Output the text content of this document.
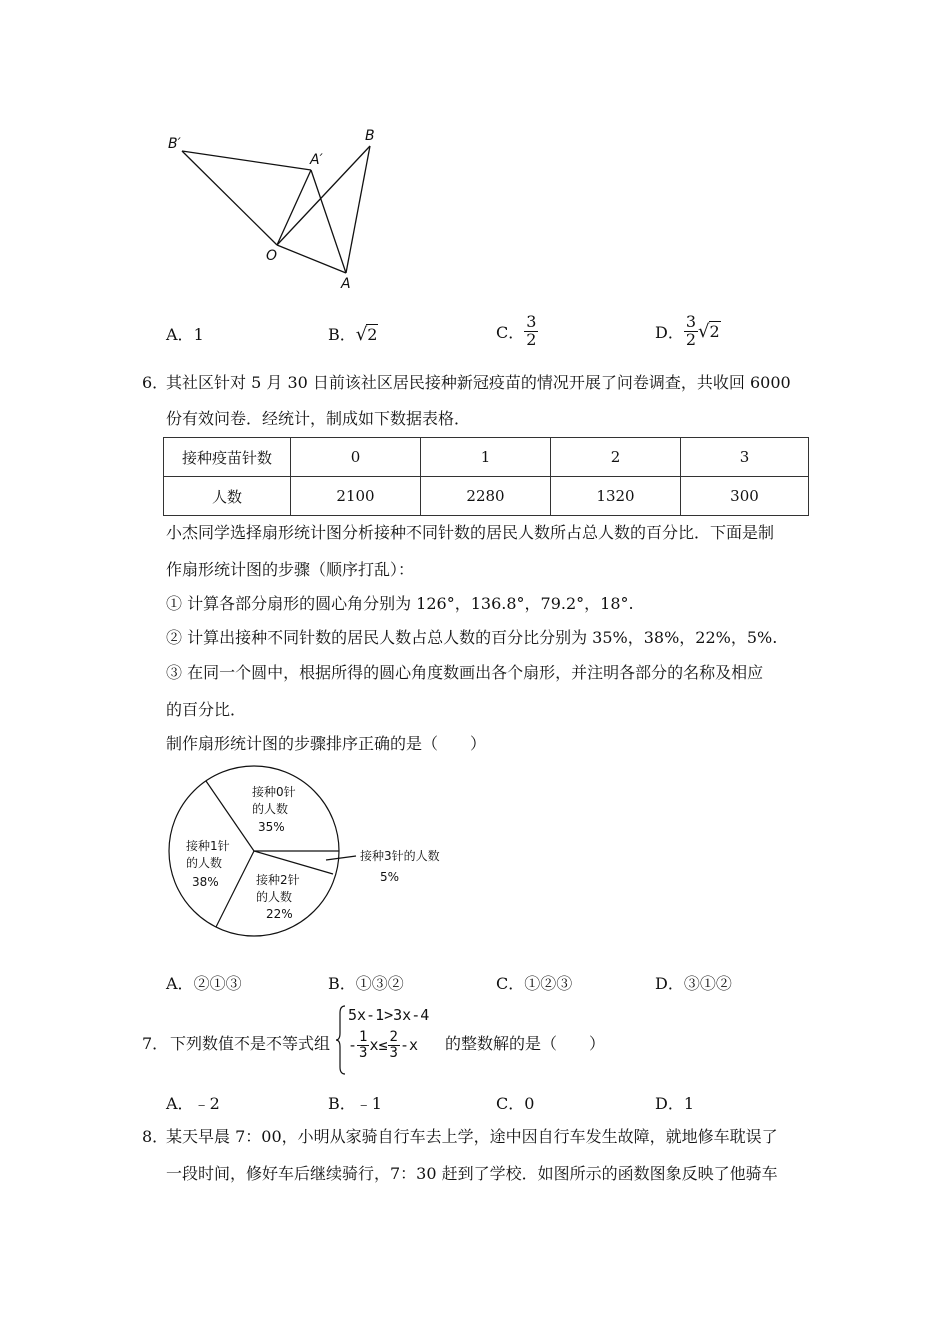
B′
A′
B
O
A
A．1	B．√2	C． $\frac{3}{2}$	D． $\frac{3}{2} √2$
6．
其社区针对 5 月 30 日前该社区居民接种新冠疫苗的情况开展了问卷调查，共收回 6000
份有效问卷．经统计，制成如下数据表格．
接种疫苗针数	0	1	2	3
人数	2100	2280	1320	300
小杰同学选择扇形统计图分析接种不同针数的居民人数所占总人数的百分比．下面是制
作扇形统计图的步骤（顺序打乱）：
① 计算各部分扇形的圆心角分别为 126°，136.8°，79.2°，18°.
② 计算出接种不同针数的居民人数占总人数的百分比分别为 35%，38%，22%，5%.
③ 在同一个圆中，根据所得的圆心角度数画出各个扇形，并注明各部分的名称及相应
的百分比．
制作扇形统计图的步骤排序正确的是（　　）
接种0针
的人数
35%
接种1针
的人数
38%	接种2针
的人数
22%
接种3针的人数
5%
A．②①③	B．①③②	C．①②③	D．③①②
7． 下列数值不是不等式组
5x-1>3x-4
- $\frac{1}{3} x\le \frac{2}{3} -x$ 的整数解的是（　　）
A．﹣2	B．﹣1	C．0	D．1
8．
某天早晨 7：00，小明从家骑自行车去上学，途中因自行车发生故障，就地修车耽误了
一段时间，修好车后继续骑行，7：30 赶到了学校．如图所示的函数图象反映了他骑车
